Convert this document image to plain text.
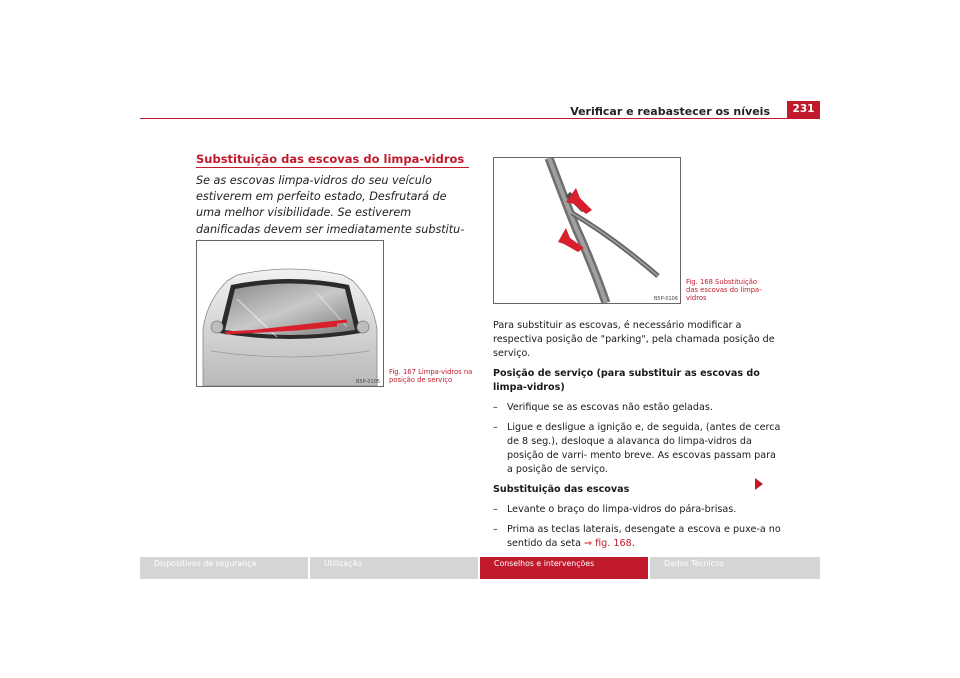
Verificar e reabastecer os níveis	231
Substituição das escovas do limpa-vidros
Se as escovas limpa-vidros do seu veículo estiverem em perfeito estado, Desfrutará de uma melhor visibilidade. Se estiverem danificadas devem ser imediatamente substitu-
B5P-0105
Fig. 167 Limpa-vidros na posição de serviço
B5P-0106
Fig. 168 Substituição das escovas do limpa- vidros

Para substituir as escovas, é necessário modificar a respectiva posição de "parking", pela chamada posição de serviço.

Posição de serviço (para substituir as escovas do limpa-vidros)

– Verifique se as escovas não estão geladas.
– Ligue e desligue a ignição e, de seguida, (antes de cerca de 8 seg.), desloque a alavanca do limpa-vidros da posição de varri- mento breve. As escovas passam para a posição de serviço.

Substituição das escovas

– Levante o braço do limpa-vidros do pára-brisas.
– Prima as teclas laterais, desengate a escova e puxe-a no sentido da seta ⇒ fig. 168.
Dispositivos de segurança	Utilização	Conselhos e intervenções	Dados Técnicos
